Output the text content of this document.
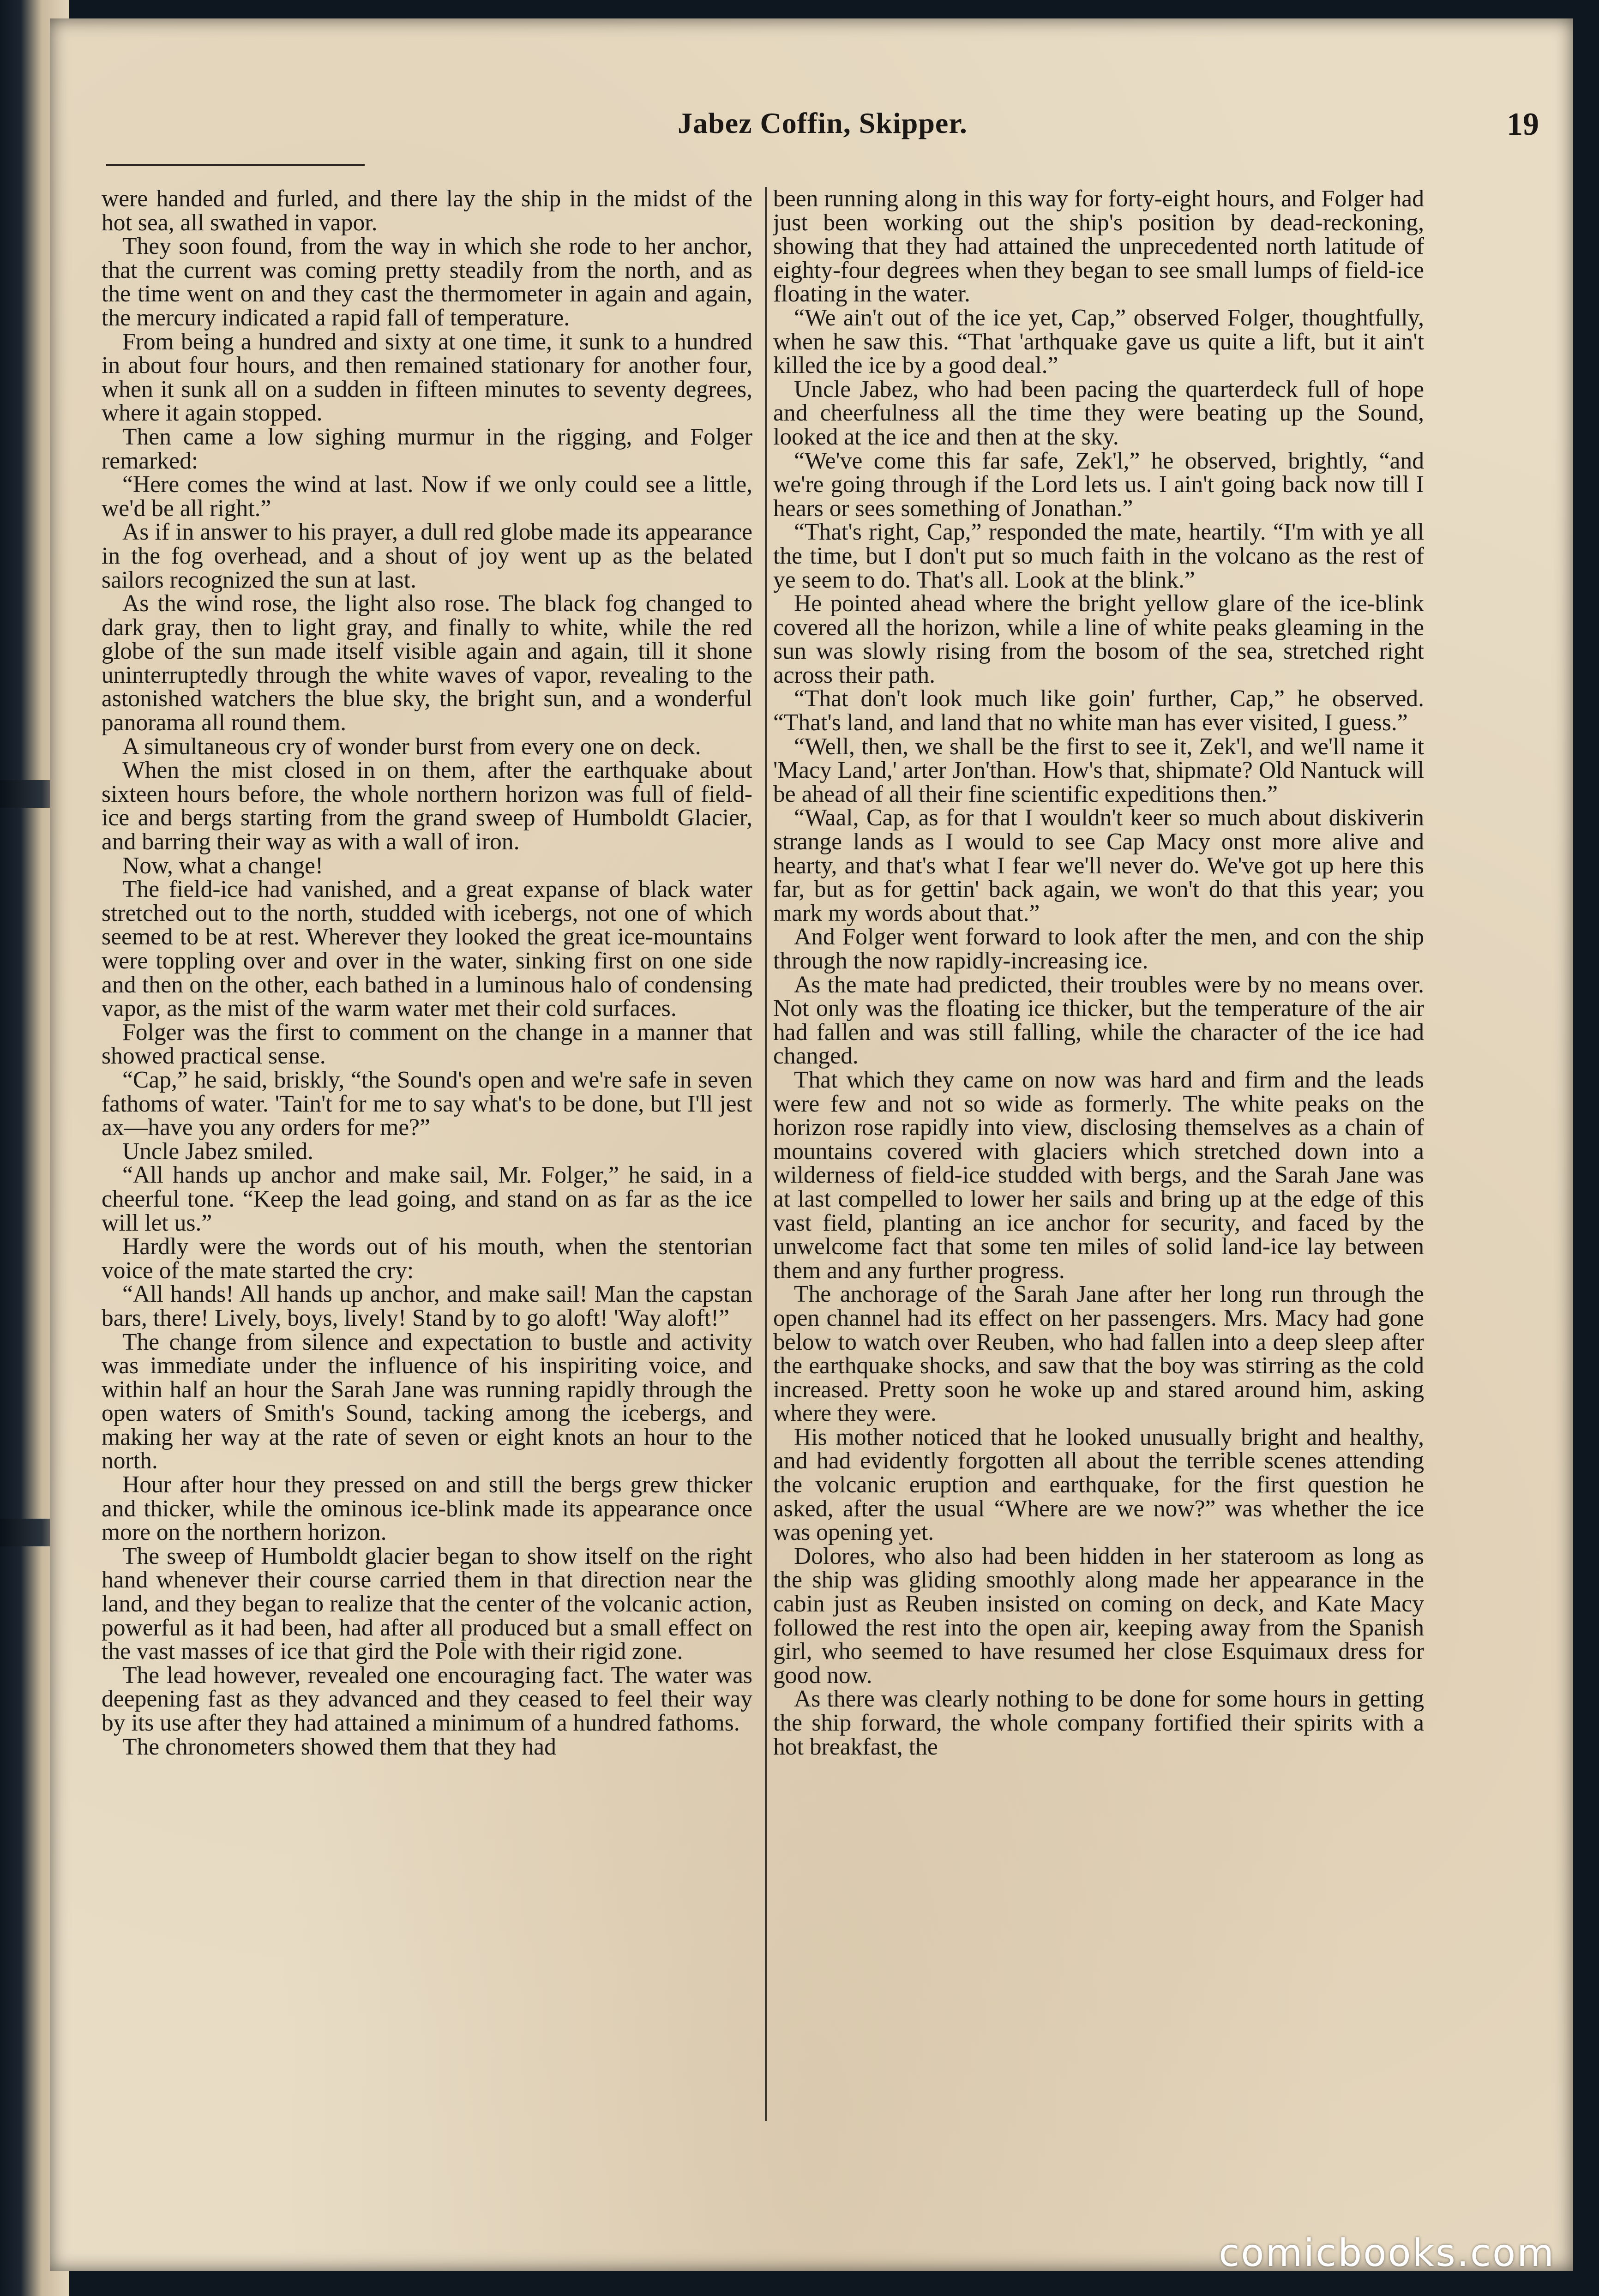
Jabez Coffin, Skipper.	19

were handed and furled, and there lay the ship in the midst of the hot sea, all swathed in vapor.

They soon found, from the way in which she rode to her anchor, that the current was coming pretty steadily from the north, and as the time went on and they cast the thermometer in again and again, the mercury indicated a rapid fall of temperature.

From being a hundred and sixty at one time, it sunk to a hundred in about four hours, and then remained stationary for another four, when it sunk all on a sudden in fifteen minutes to seventy degrees, where it again stopped.

Then came a low sighing murmur in the rigging, and Folger remarked:

“Here comes the wind at last. Now if we only could see a little, we'd be all right.”

As if in answer to his prayer, a dull red globe made its appearance in the fog overhead, and a shout of joy went up as the belated sailors recognized the sun at last.

As the wind rose, the light also rose. The black fog changed to dark gray, then to light gray, and finally to white, while the red globe of the sun made itself visible again and again, till it shone uninterruptedly through the white waves of vapor, revealing to the astonished watchers the blue sky, the bright sun, and a wonderful panorama all round them.

A simultaneous cry of wonder burst from every one on deck.

When the mist closed in on them, after the earthquake about sixteen hours before, the whole northern horizon was full of field-ice and bergs starting from the grand sweep of Humboldt Glacier, and barring their way as with a wall of iron.

Now, what a change!

The field-ice had vanished, and a great expanse of black water stretched out to the north, studded with icebergs, not one of which seemed to be at rest. Wherever they looked the great ice-mountains were toppling over and over in the water, sinking first on one side and then on the other, each bathed in a luminous halo of condensing vapor, as the mist of the warm water met their cold surfaces.

Folger was the first to comment on the change in a manner that showed practical sense.

“Cap,” he said, briskly, “the Sound's open and we're safe in seven fathoms of water. 'Tain't for me to say what's to be done, but I'll jest ax—have you any orders for me?”

Uncle Jabez smiled.

“All hands up anchor and make sail, Mr. Folger,” he said, in a cheerful tone. “Keep the lead going, and stand on as far as the ice will let us.”

Hardly were the words out of his mouth, when the stentorian voice of the mate started the cry:

“All hands! All hands up anchor, and make sail! Man the capstan bars, there! Lively, boys, lively! Stand by to go aloft! 'Way aloft!”

The change from silence and expectation to bustle and activity was immediate under the influence of his inspiriting voice, and within half an hour the Sarah Jane was running rapidly through the open waters of Smith's Sound, tacking among the icebergs, and making her way at the rate of seven or eight knots an hour to the north.

Hour after hour they pressed on and still the bergs grew thicker and thicker, while the ominous ice-blink made its appearance once more on the northern horizon.

The sweep of Humboldt glacier began to show itself on the right hand whenever their course carried them in that direction near the land, and they began to realize that the center of the volcanic action, powerful as it had been, had after all produced but a small effect on the vast masses of ice that gird the Pole with their rigid zone.

The lead however, revealed one encouraging fact. The water was deepening fast as they advanced and they ceased to feel their way by its use after they had attained a minimum of a hundred fathoms.

The chronometers showed them that they had

been running along in this way for forty-eight hours, and Folger had just been working out the ship's position by dead-reckoning, showing that they had attained the unprecedented north latitude of eighty-four degrees when they began to see small lumps of field-ice floating in the water.

“We ain't out of the ice yet, Cap,” observed Folger, thoughtfully, when he saw this. “That 'arthquake gave us quite a lift, but it ain't killed the ice by a good deal.”

Uncle Jabez, who had been pacing the quarterdeck full of hope and cheerfulness all the time they were beating up the Sound, looked at the ice and then at the sky.

“We've come this far safe, Zek'l,” he observed, brightly, “and we're going through if the Lord lets us. I ain't going back now till I hears or sees something of Jonathan.”

“That's right, Cap,” responded the mate, heartily. “I'm with ye all the time, but I don't put so much faith in the volcano as the rest of ye seem to do. That's all. Look at the blink.”

He pointed ahead where the bright yellow glare of the ice-blink covered all the horizon, while a line of white peaks gleaming in the sun was slowly rising from the bosom of the sea, stretched right across their path.

“That don't look much like goin' further, Cap,” he observed. “That's land, and land that no white man has ever visited, I guess.”

“Well, then, we shall be the first to see it, Zek'l, and we'll name it 'Macy Land,' arter Jon'than. How's that, shipmate? Old Nantuck will be ahead of all their fine scientific expeditions then.”

“Waal, Cap, as for that I wouldn't keer so much about diskiverin strange lands as I would to see Cap Macy onst more alive and hearty, and that's what I fear we'll never do. We've got up here this far, but as for gettin' back again, we won't do that this year; you mark my words about that.”

And Folger went forward to look after the men, and con the ship through the now rapidly-increasing ice.

As the mate had predicted, their troubles were by no means over. Not only was the floating ice thicker, but the temperature of the air had fallen and was still falling, while the character of the ice had changed.

That which they came on now was hard and firm and the leads were few and not so wide as formerly. The white peaks on the horizon rose rapidly into view, disclosing themselves as a chain of mountains covered with glaciers which stretched down into a wilderness of field-ice studded with bergs, and the Sarah Jane was at last compelled to lower her sails and bring up at the edge of this vast field, planting an ice anchor for security, and faced by the unwelcome fact that some ten miles of solid land-ice lay between them and any further progress.

The anchorage of the Sarah Jane after her long run through the open channel had its effect on her passengers. Mrs. Macy had gone below to watch over Reuben, who had fallen into a deep sleep after the earthquake shocks, and saw that the boy was stirring as the cold increased. Pretty soon he woke up and stared around him, asking where they were.

His mother noticed that he looked unusually bright and healthy, and had evidently forgotten all about the terrible scenes attending the volcanic eruption and earthquake, for the first question he asked, after the usual “Where are we now?” was whether the ice was opening yet.

Dolores, who also had been hidden in her stateroom as long as the ship was gliding smoothly along made her appearance in the cabin just as Reuben insisted on coming on deck, and Kate Macy followed the rest into the open air, keeping away from the Spanish girl, who seemed to have resumed her close Esquimaux dress for good now.

As there was clearly nothing to be done for some hours in getting the ship forward, the whole company fortified their spirits with a hot breakfast, the

comicbooks.com
